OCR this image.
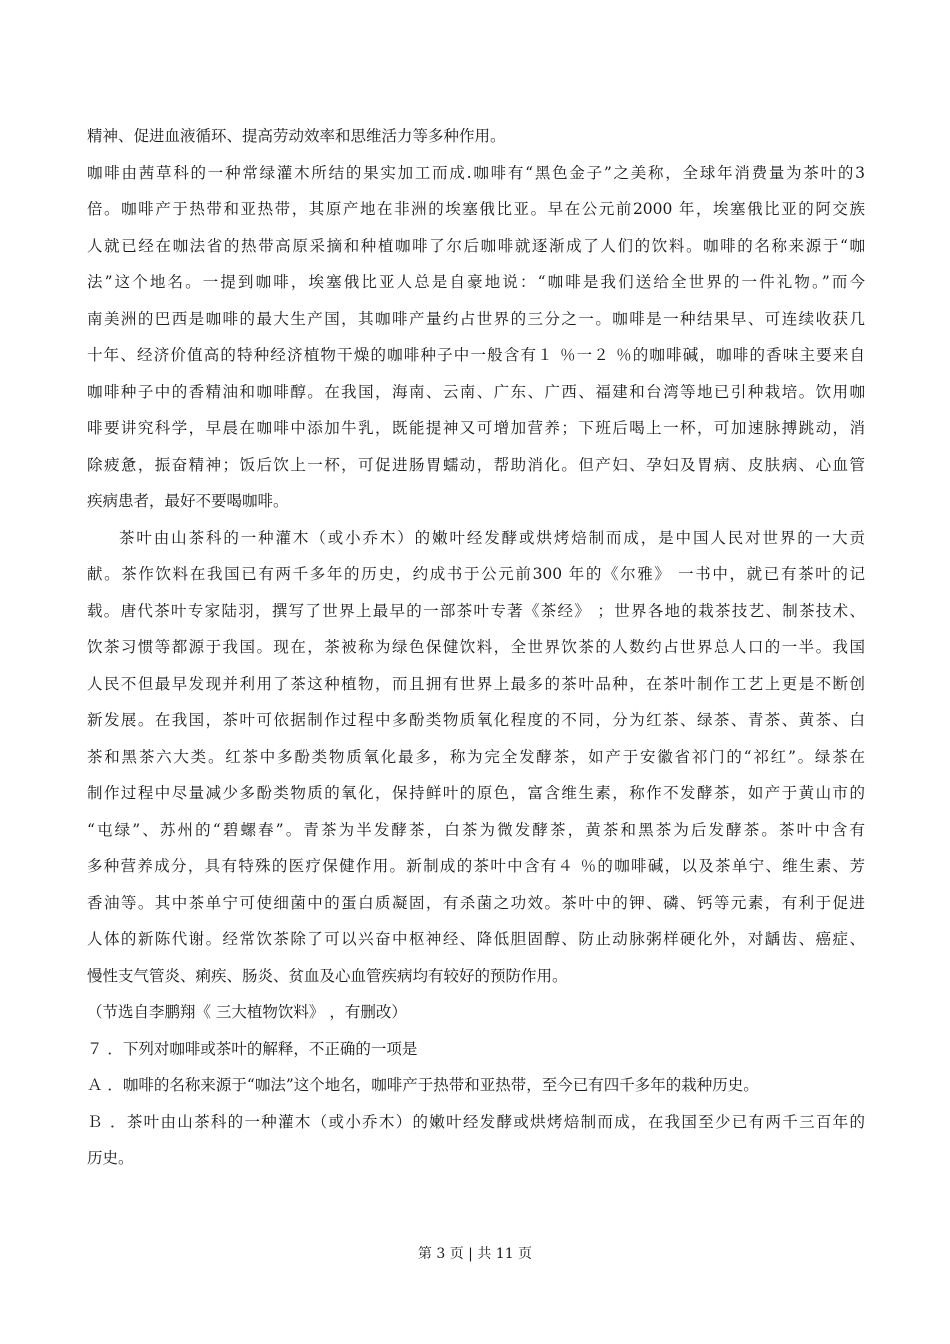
精神、促进血液循环、提高劳动效率和思维活力等多种作用。
咖啡由茜草科的一种常绿灌木所结的果实加工而成.咖啡有“黑色金子”之美称，全球年消费量为茶叶的3
倍。咖啡产于热带和亚热带，其原产地在非洲的埃塞俄比亚。早在公元前2000 年，埃塞俄比亚的阿交族
人就已经在咖法省的热带高原采摘和种植咖啡了尔后咖啡就逐渐成了人们的饮料。咖啡的名称来源于“咖
法”这个地名。一提到咖啡，埃塞俄比亚人总是自豪地说：“咖啡是我们送给全世界的一件礼物。”而今
南美洲的巴西是咖啡的最大生产国，其咖啡产量约占世界的三分之一。咖啡是一种结果早、可连续收获几
十年、经济价值高的特种经济植物干燥的咖啡种子中一般含有１ ％一２ ％的咖啡碱，咖啡的香味主要来自
咖啡种子中的香精油和咖啡醇。在我国，海南、云南、广东、广西、福建和台湾等地已引种栽培。饮用咖
啡要讲究科学，早晨在咖啡中添加牛乳，既能提神又可增加营养；下班后喝上一杯，可加速脉搏跳动，消
除疲惫，振奋精神；饭后饮上一杯，可促进肠胃蠕动，帮助消化。但产妇、孕妇及胃病、皮肤病、心血管
疾病患者，最好不要喝咖啡。
茶叶由山茶科的一种灌木（或小乔木）的嫩叶经发酵或烘烤焙制而成，是中国人民对世界的一大贡
献。茶作饮料在我国已有两千多年的历史，约成书于公元前300 年的《尔雅》 一书中，就已有茶叶的记
载。唐代茶叶专家陆羽，撰写了世界上最早的一部茶叶专著《茶经》 ；世界各地的栽茶技艺、制茶技术、
饮茶习惯等都源于我国。现在，茶被称为绿色保健饮料，全世界饮茶的人数约占世界总人口的一半。我国
人民不但最早发现并利用了茶这种植物，而且拥有世界上最多的茶叶品种，在茶叶制作工艺上更是不断创
新发展。在我国，茶叶可依据制作过程中多酚类物质氧化程度的不同，分为红茶、绿茶、青茶、黄茶、白
茶和黑茶六大类。红茶中多酚类物质氧化最多，称为完全发酵茶，如产于安徽省祁门的“祁红”。绿茶在
制作过程中尽量减少多酚类物质的氧化，保持鲜叶的原色，富含维生素，称作不发酵茶，如产于黄山市的
“屯绿”、苏州的“碧螺春”。青茶为半发酵茶，白茶为微发酵茶，黄茶和黑茶为后发酵茶。茶叶中含有
多种营养成分，具有特殊的医疗保健作用。新制成的茶叶中含有４ ％的咖啡碱，以及茶单宁、维生素、芳
香油等。其中茶单宁可使细菌中的蛋白质凝固，有杀菌之功效。茶叶中的钾、磷、钙等元素，有利于促进
人体的新陈代谢。经常饮茶除了可以兴奋中枢神经、降低胆固醇、防止动脉粥样硬化外，对龋齿、癌症、
慢性支气管炎、痢疾、肠炎、贫血及心血管疾病均有较好的预防作用。
（节选自李鹏翔《 三大植物饮料》 ，有删改）
７ ．下列对咖啡或茶叶的解释，不正确的一项是
Ａ ．咖啡的名称来源于“咖法”这个地名，咖啡产于热带和亚热带，至今已有四千多年的栽种历史。
Ｂ ．茶叶由山茶科的一种灌木（或小乔木）的嫩叶经发酵或烘烤焙制而成，在我国至少已有两千三百年的
历史。
第 3 页 | 共 11 页
